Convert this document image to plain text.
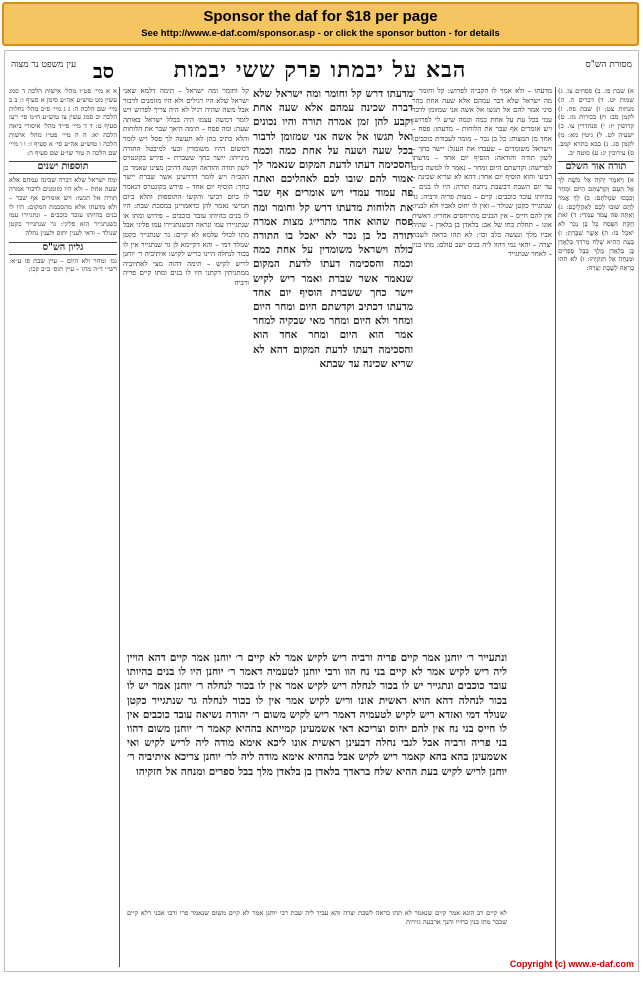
Sponsor the daf for $18 per page
See http://www.e-daf.com/sponsor.asp - or click the sponsor button - for details
מסורת הש"ס
הבא על יבמתו פרק ששי יבמות
סב
עין משפט נר מצוה

א) שבת פז. ב) פסחים צו. ג) שמות יט. ד) דברים ה. ה) מנחות צט: ו) שבת פח. ז) לקמן סב: ח) בכורות מז. ט) קדושין יז: י) סנהדרין צו. כ) ישעיה לט. ל) גיטין מא: מ) לקמן סג. נ) בבא בתרא קמב. ס) עירובין יג: ע) סוטה יב.

תורה אור השלם

א) וַיֹּאמֶר יְהֹוָה אֶל מֹשֶׁה לֵךְ אֶל הָעָם וְקִדַּשְׁתָּם הַיּוֹם וּמָחָר וְכִבְּסוּ שִׂמְלֹתָם: ב) לֵךְ אֱמֹר לָהֶם שׁוּבוּ לָכֶם לְאָהֳלֵיכֶם: ג) וְאַתָּה פֹּה עֲמֹד עִמָּדִי: ד) זֹאת חֻקַּת הַפָּסַח כָּל בֶּן נֵכָר לֹא יֹאכַל בּוֹ: ה) אֲשֶׁר שִׁבַּרְתָּ: ו) בָּעֵת הַהִיא שָׁלַח מְרֹדַךְ בַּלְאֲדָן בֶּן בַּלְאֲדָן מֶלֶךְ בָּבֶל סְפָרִים וּמִנְחָה אֶל חִזְקִיָּהוּ: ז) לֹא תֹהוּ בְרָאָהּ לָשֶׁבֶת יְצָרָהּ:

מדעתו – ולא אמר לו הקב״ה לפרוש: קל וחומר – מה ישראל שלא דבר עמהם אלא שעה אחת בהר סיני אמר להם אל תגשו אל אשה אני שמזומן לדבר עמי בכל עת על אחת כמה וכמה שיש לי לפרוש: ויש אומרים אף שבר את הלוחות – מדעתו: פסח – אחד מן המצות: כל בן נכר – מומר לעבודת כוכבים: וישראל משומדים – שעבדו את העגל: יישר כחך – לשון תודה והודאה: הוסיף יום אחד – מדעתו לפרישה: וקדשתם היום ומחר – נאמר לו למשה ביום רביעי והוא הוסיף יום אחד: דהא לא שריא שכינה – עד יום השבת דבשבת ניתנה תורה: היו לו בנים – בהיותו עובד כוכבים: קיים – מצות פריה ורביה: גר שנתגייר כקטן שנולד – ואין לו יחוס לאביו ולא לבניו: אין להם חייס – אין הבנים מתייחסים אחריו: ראשית אונו – תחלת כחו של אב: בלאדן בן בלאדן – שהיה אביו מלך ונעשה כלב וכו׳: לא תהו בראה לשבת יצרה – והאי נמי דהוו ליה בנים ישב עולם: מתו בנין – לאחר שנתגייר

מדעתו דרש קל וחומר ומה ישראל שלא דברה שכינה עמהם אלא שעה אחת וקבע להן זמן אמרה תורה והיו נכונים ואל תגשו אל אשה אני שמזומן לדבור בכל שעה ושעה על אחת כמה וכמה והסכימה דעתו לדעת המקום שנאמר לך אמור להם שובו לכם לאהליכם ואתה פה עמוד עמדי ויש אומרים אף שבר את הלוחות מדעתו דרש קל וחומר ומה פסח שהוא אחד מתרי״ג מצות אמרה תורה כל בן נכר לא יאכל בו התורה כולה וישראל משומדין על אחת כמה וכמה והסכימה דעתו לדעת המקום שנאמר אשר שברת ואמר ריש לקיש יישר כחך ששברת הוסיף יום אחד מדעתו דכתיב וקדשתם היום ומחר היום ומחר ולא היום ומחר מאי שבקיה למחר אמר הוא היום ומחר אחד הוא והסכימה דעתו לדעת המקום דהא לא שריא שכינה עד שבתא

קל וחומר ומה ישראל – תימה דלמא שאני ישראל שלא היו רגילים ולא היו מזומנים לדבור אבל משה שהיה רגיל לא היה צריך לפרוש ויש לומר דמשה עצמו היה בכלל ישראל באותה שעה: ומה פסח – תימה היאך שבר את הלוחות והלא כתיב בהן לא תעשה לך פסל ויש לומר דמשום דהיו משומדין ובעי למיבטל התורה מינייהו: יישר כחך ששברת – פירש בקונטרס לשון תודה והודאה וקשה דהיכן מצינו שאמר כן הקב״ה ויש לומר דדרשינן אשר שברת יישר כחך: הוסיף יום אחד – פירש בקונטרס דנאמר לו ביום רביעי והקשו התוספות והלא ביום חמישי נאמר להן כדאמרינן במסכת שבת: היו לו בנים בהיותו עובד כוכבים – פירוש ומתו או שנתגיירו עמו ונראה דבשנתגיירו עמו פליגי אבל מתו לכולי עלמא לא קיים: גר שנתגייר כקטן שנולד דמי – והא דקיימא לן גר שנתגייר אין לו בכור לנחלה היינו כריש לקיש: איתיביה ר׳ יוחנן לריש לקיש – תימה דהוה מצי לאתיוביה ממתניתין דקתני היו לו בנים ומתו קיים פריה ורביה

א א מיי׳ פט״ו מהל׳ אישות הלכה ד סמג עשין מט טוש״ע אה״ע סימן א סעיף ו: ב ב מיי׳ שם הלכה ה: ג ג מיי׳ פ״ב מהל׳ נחלות הלכה יב סמג עשין צו טוש״ע ח״מ סי׳ רעז סעיף ט: ד ד מיי׳ פי״ד מהל׳ איסורי ביאה הלכה יא: ה ה מיי׳ פט״ו מהל׳ אישות הלכה ו טוש״ע אה״ע סי׳ א סעיף ז: ו ו מיי׳ שם הלכה ה טור שו״ע שם סעיף ה:

תוספות ישנים

ומה ישראל שלא דברה שכינה עמהם אלא שעה אחת – ולא היו מזומנים לדבור אמרה תורה אל תגשו: ויש אומרים אף שבר – ולא מדעתו אלא מהסכמת המקום: היו לו בנים בהיותו עובד כוכבים – ונתגיירו עמו כשנתגייר הוא פליגי: גר שנתגייר כקטן שנולד – ודאי לענין יחוס ולענין נחלה

גליון הש"ס

גמ׳ ומחר ולא היום – עיין שבת פז ע״א: רש״י ד״ה מתו – עיין תוס׳ ב״ב קכו:

ונתעייר ר׳ יוחנן אמר קיים פריה ורביה ריש לקיש אמר לא קיים ר׳ יוחנן אמר קיים דהא הויין ליה ריש לקיש אמר לא קיים בני נח הוו ורבי יוחנן לטעמיה דאמר ר׳ יוחנן היו לו בנים בהיותו עובד כוכבים ונתגייר יש לו בכור לנחלה ריש לקיש אמר אין לו בכור לנחלה ר׳ יוחנן אמר יש לו בכור לנחלה דהא הויא ראשית אונו וריש לקיש אמר אין לו בכור לנחלה גר שנתגייר כקטן שנולד דמי ואזדא ריש לקיש לטעמיה דאמר ריש לקיש משום ר׳ יהודה נשיאה עובד כוכבים אין לו חייס בני נח אין להם יחוס וצריכא דאי אשמעינן קמייתא בההיא קאמר ר׳ יוחנן משום דהוו בני פריה ורביה אבל לגבי נחלה דבעינן ראשית אונו ליכא אימא מודה ליה לריש לקיש ואי אשמעינן בהא בהא קאמר ריש לקיש אבל בההיא אימא מודה ליה לר׳ יוחנן צריכא איתיביה ר׳ יוחנן לריש לקיש בעת ההיא שלח בראדך בלאדן בן בלאדן מלך בבל ספרים ומנחה אל חזקיהו

לא קיים רב הונא אמר קיים שנאמר לא תהו בראה לשבת יצרה והא עביד ליה שבת רבי יוחנן אמר לא קיים משום שנאמר פרו ורבו אבני דלא קיים שכבר מתו בנין בחייו והנך ארבעה גזירות

Copyright (c) www.e-daf.com
